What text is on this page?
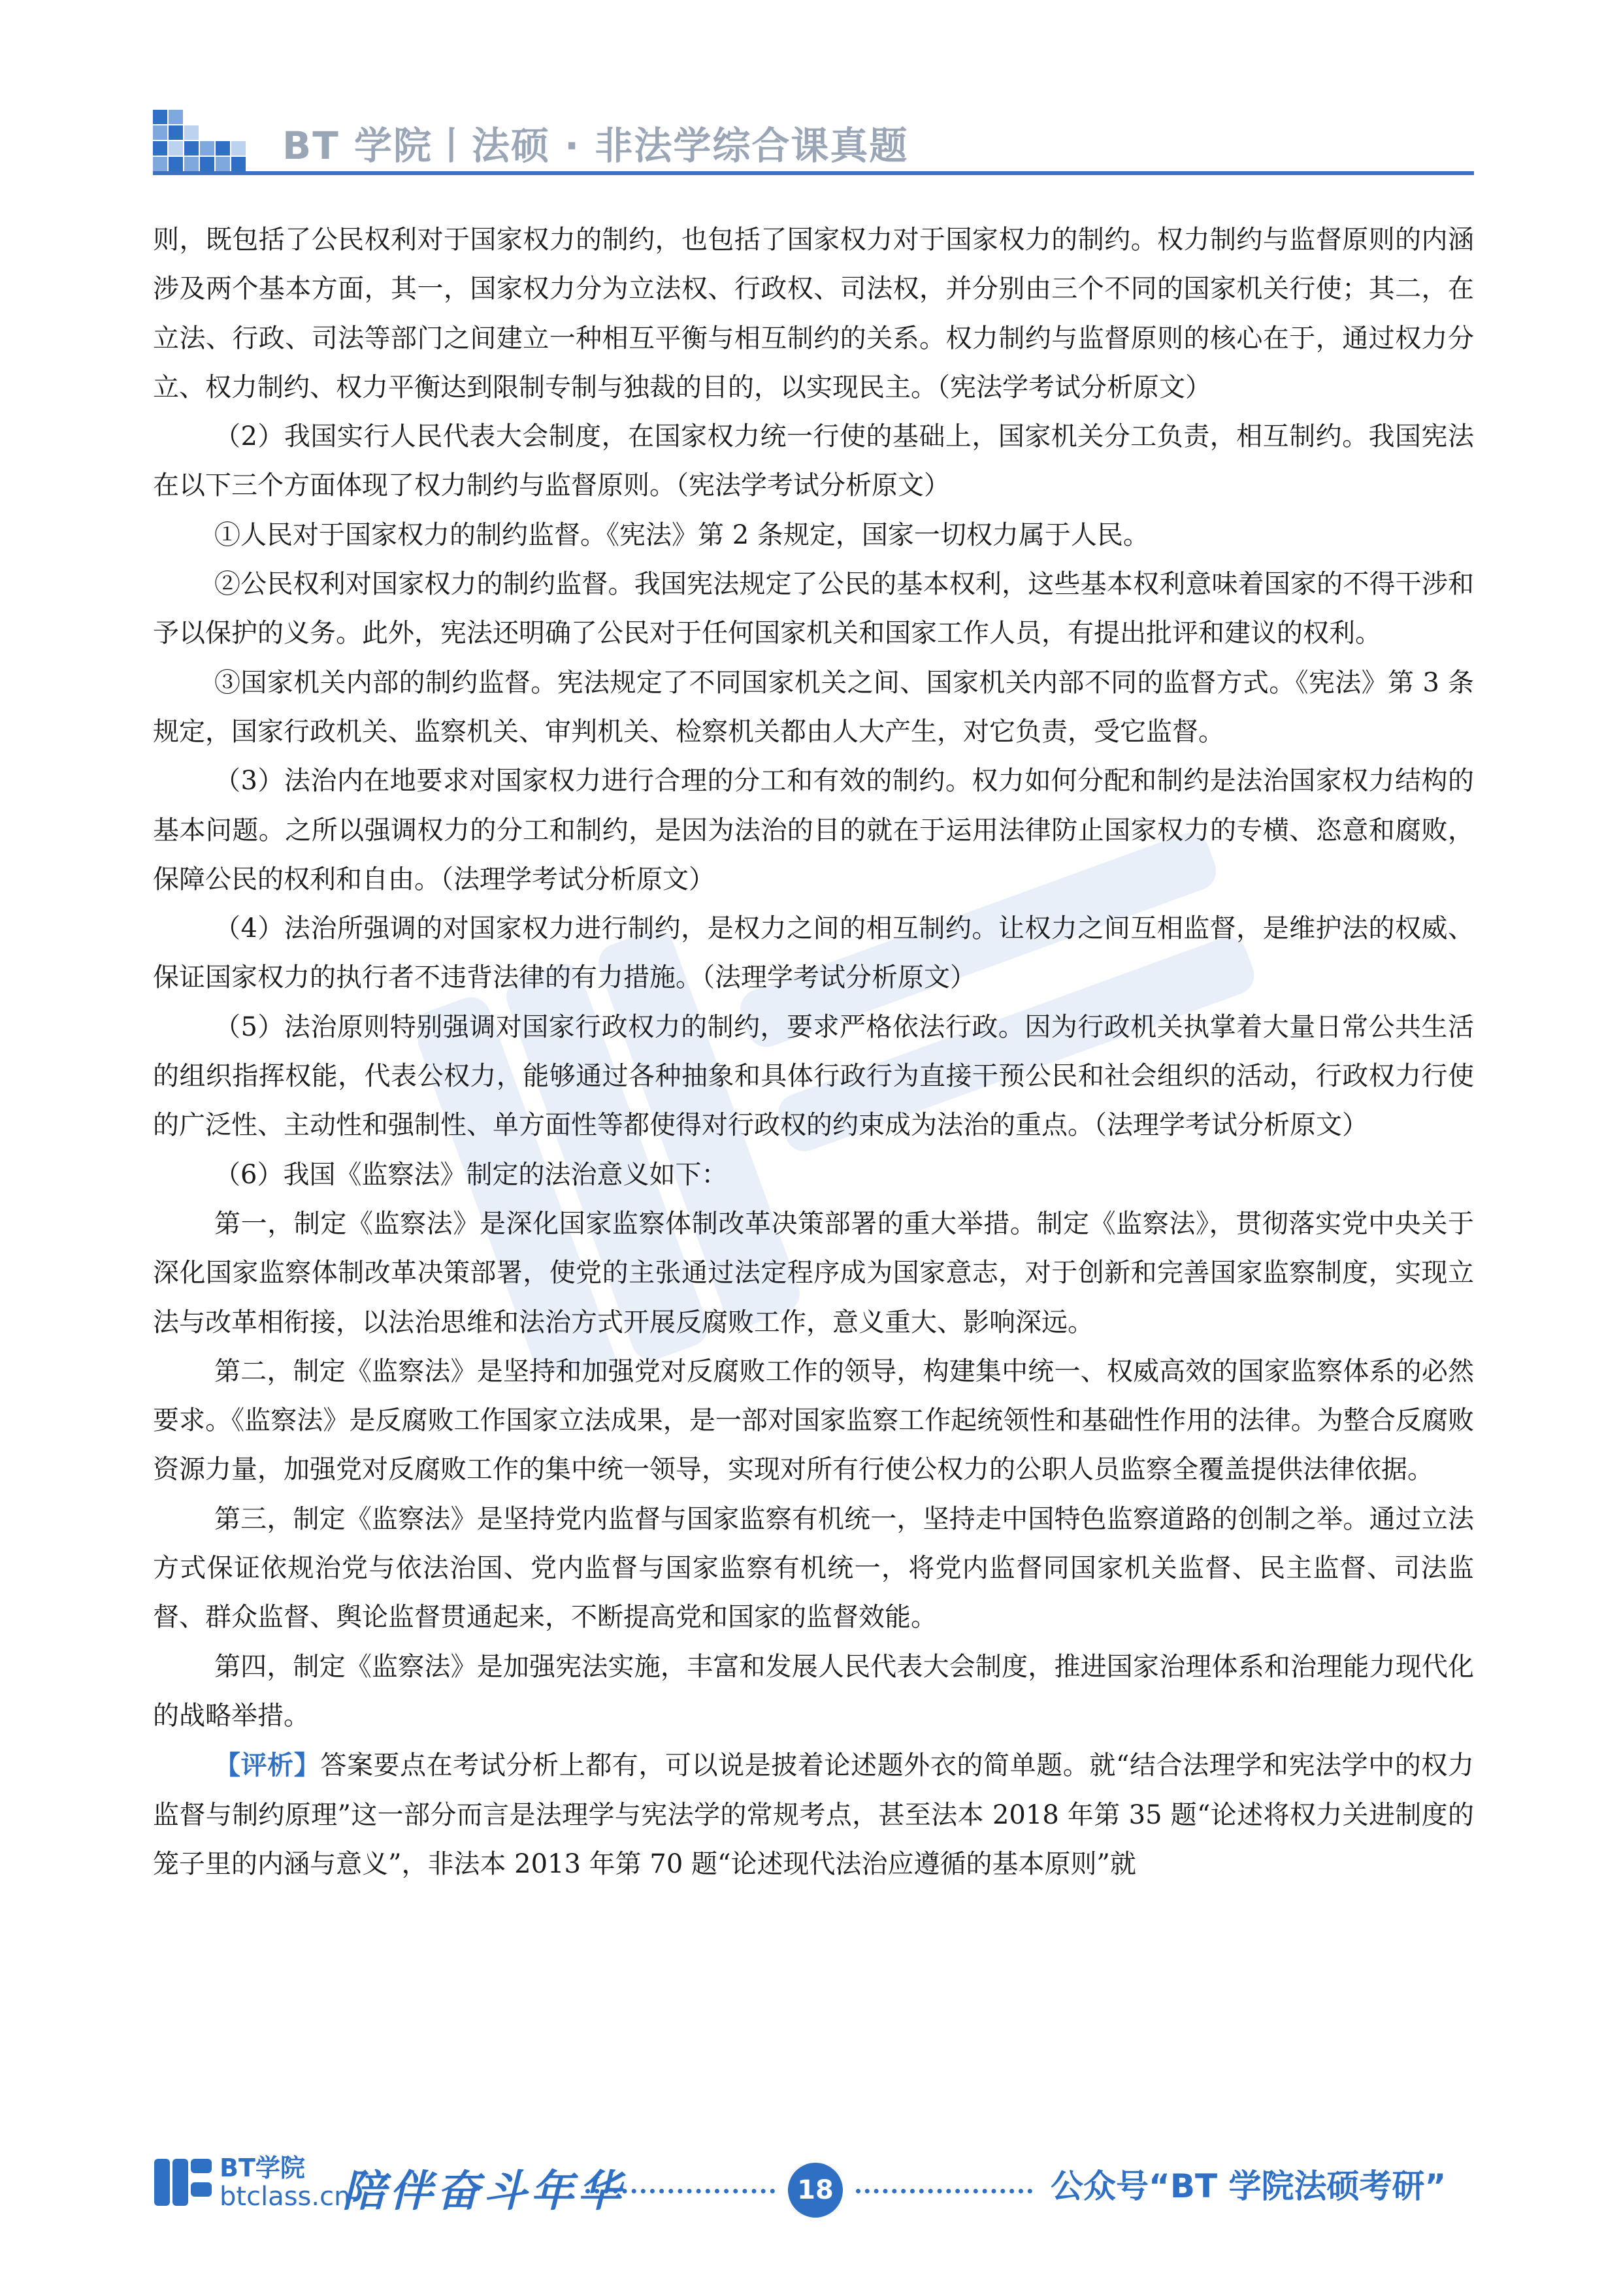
BT 学院丨法硕 · 非法学综合课真题

则，既包括了公民权利对于国家权力的制约，也包括了国家权力对于国家权力的制约。权力制约与监督原则的内涵涉及两个基本方面，其一，国家权力分为立法权、行政权、司法权，并分别由三个不同的国家机关行使；其二，在立法、行政、司法等部门之间建立一种相互平衡与相互制约的关系。权力制约与监督原则的核心在于，通过权力分立、权力制约、权力平衡达到限制专制与独裁的目的，以实现民主。（宪法学考试分析原文）

（2）我国实行人民代表大会制度，在国家权力统一行使的基础上，国家机关分工负责，相互制约。我国宪法在以下三个方面体现了权力制约与监督原则。（宪法学考试分析原文）

①人民对于国家权力的制约监督。《宪法》第 2 条规定，国家一切权力属于人民。

②公民权利对国家权力的制约监督。我国宪法规定了公民的基本权利，这些基本权利意味着国家的不得干涉和予以保护的义务。此外，宪法还明确了公民对于任何国家机关和国家工作人员，有提出批评和建议的权利。

③国家机关内部的制约监督。宪法规定了不同国家机关之间、国家机关内部不同的监督方式。《宪法》第 3 条规定，国家行政机关、监察机关、审判机关、检察机关都由人大产生，对它负责，受它监督。

（3）法治内在地要求对国家权力进行合理的分工和有效的制约。权力如何分配和制约是法治国家权力结构的基本问题。之所以强调权力的分工和制约，是因为法治的目的就在于运用法律防止国家权力的专横、恣意和腐败，保障公民的权利和自由。（法理学考试分析原文）

（4）法治所强调的对国家权力进行制约，是权力之间的相互制约。让权力之间互相监督，是维护法的权威、保证国家权力的执行者不违背法律的有力措施。（法理学考试分析原文）

（5）法治原则特别强调对国家行政权力的制约，要求严格依法行政。因为行政机关执掌着大量日常公共生活的组织指挥权能，代表公权力，能够通过各种抽象和具体行政行为直接干预公民和社会组织的活动，行政权力行使的广泛性、主动性和强制性、单方面性等都使得对行政权的约束成为法治的重点。（法理学考试分析原文）

（6）我国《监察法》制定的法治意义如下：

第一，制定《监察法》是深化国家监察体制改革决策部署的重大举措。制定《监察法》，贯彻落实党中央关于深化国家监察体制改革决策部署，使党的主张通过法定程序成为国家意志，对于创新和完善国家监察制度，实现立法与改革相衔接，以法治思维和法治方式开展反腐败工作，意义重大、影响深远。

第二，制定《监察法》是坚持和加强党对反腐败工作的领导，构建集中统一、权威高效的国家监察体系的必然要求。《监察法》是反腐败工作国家立法成果，是一部对国家监察工作起统领性和基础性作用的法律。为整合反腐败资源力量，加强党对反腐败工作的集中统一领导，实现对所有行使公权力的公职人员监察全覆盖提供法律依据。

第三，制定《监察法》是坚持党内监督与国家监察有机统一，坚持走中国特色监察道路的创制之举。通过立法方式保证依规治党与依法治国、党内监督与国家监察有机统一，将党内监督同国家机关监督、民主监督、司法监督、群众监督、舆论监督贯通起来，不断提高党和国家的监督效能。

第四，制定《监察法》是加强宪法实施，丰富和发展人民代表大会制度，推进国家治理体系和治理能力现代化的战略举措。

【评析】答案要点在考试分析上都有，可以说是披着论述题外衣的简单题。就“结合法理学和宪法学中的权力监督与制约原理”这一部分而言是法理学与宪法学的常规考点，甚至法本 2018 年第 35 题“论述将权力关进制度的笼子里的内涵与意义”，非法本 2013 年第 70 题“论述现代法治应遵循的基本原则”就

BT学院
btclass.cn
陪伴奋斗年华	18	公众号“BT 学院法硕考研”
